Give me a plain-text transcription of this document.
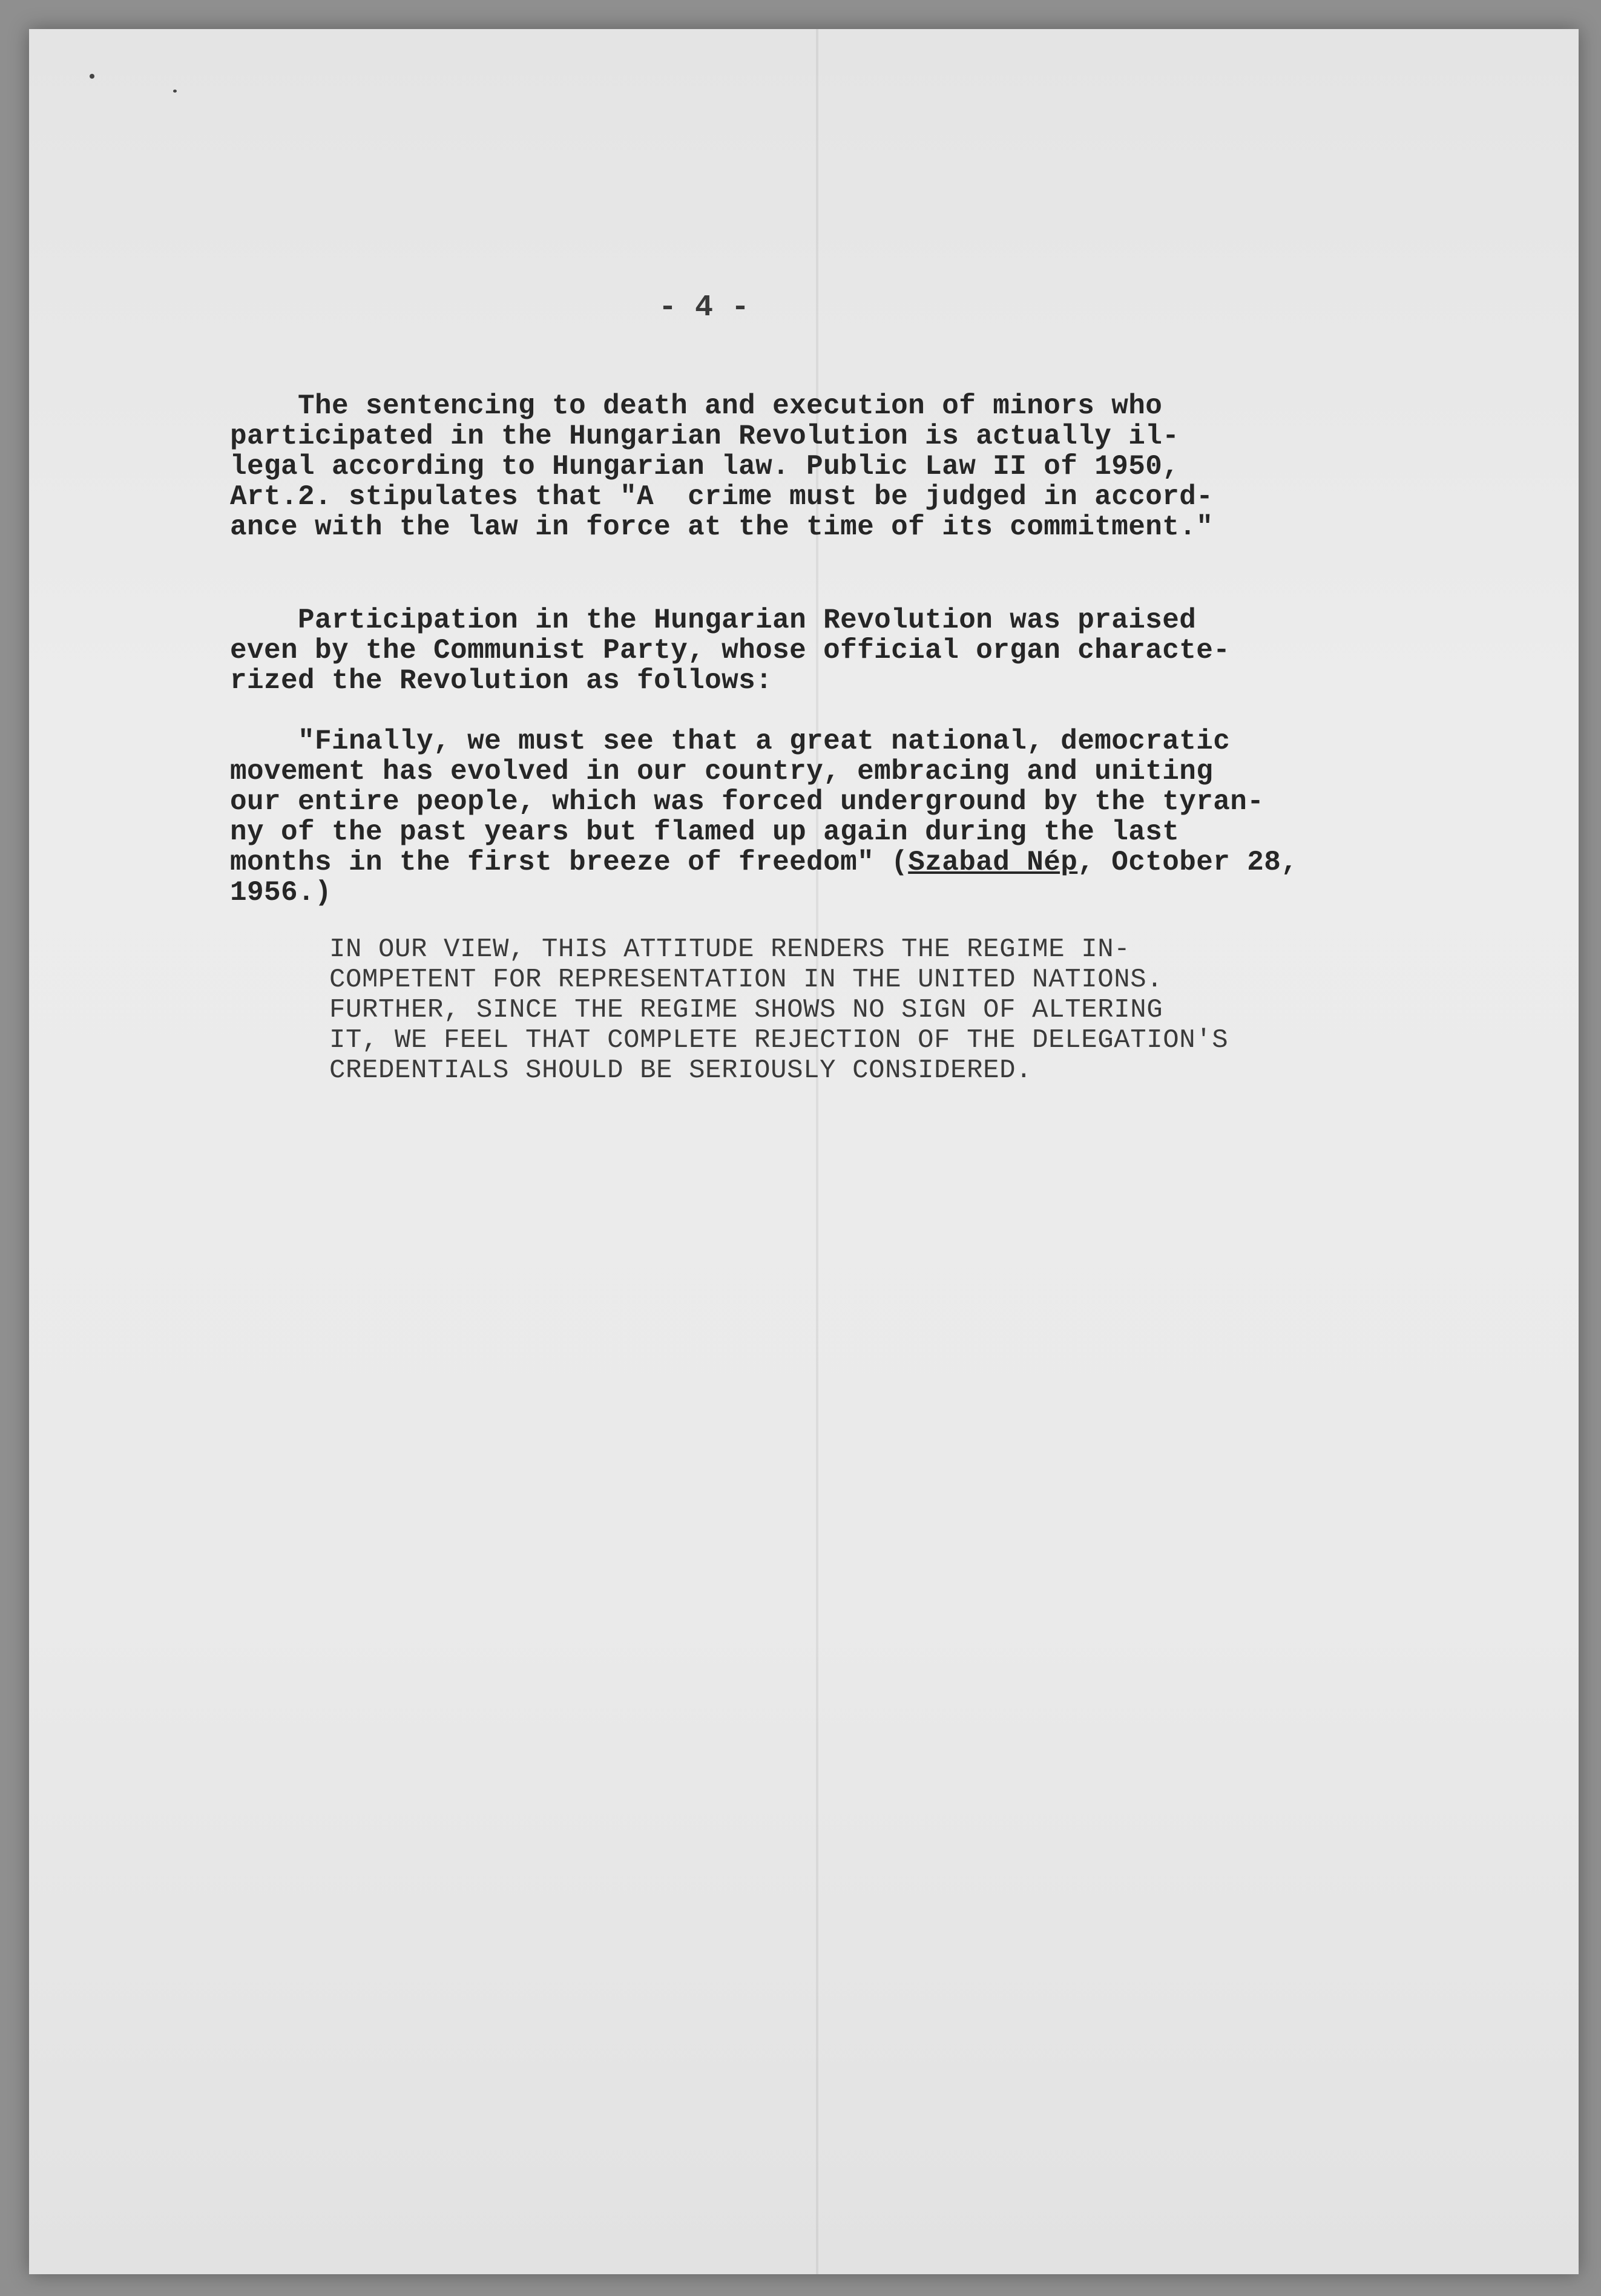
- 4 -
The sentencing to death and execution of minors who
participated in the Hungarian Revolution is actually il-
legal according to Hungarian law. Public Law II of 1950,
Art.2. stipulates that "A  crime must be judged in accord-
ance with the law in force at the time of its commitment."
Participation in the Hungarian Revolution was praised
even by the Communist Party, whose official organ characte-
rized the Revolution as follows:
"Finally, we must see that a great national, democratic
movement has evolved in our country, embracing and uniting
our entire people, which was forced underground by the tyran-
ny of the past years but flamed up again during the last
months in the first breeze of freedom" (Szabad Nép, October 28,
1956.)
IN OUR VIEW, THIS ATTITUDE RENDERS THE REGIME IN-
COMPETENT FOR REPRESENTATION IN THE UNITED NATIONS.
FURTHER, SINCE THE REGIME SHOWS NO SIGN OF ALTERING
IT, WE FEEL THAT COMPLETE REJECTION OF THE DELEGATION'S
CREDENTIALS SHOULD BE SERIOUSLY CONSIDERED.
